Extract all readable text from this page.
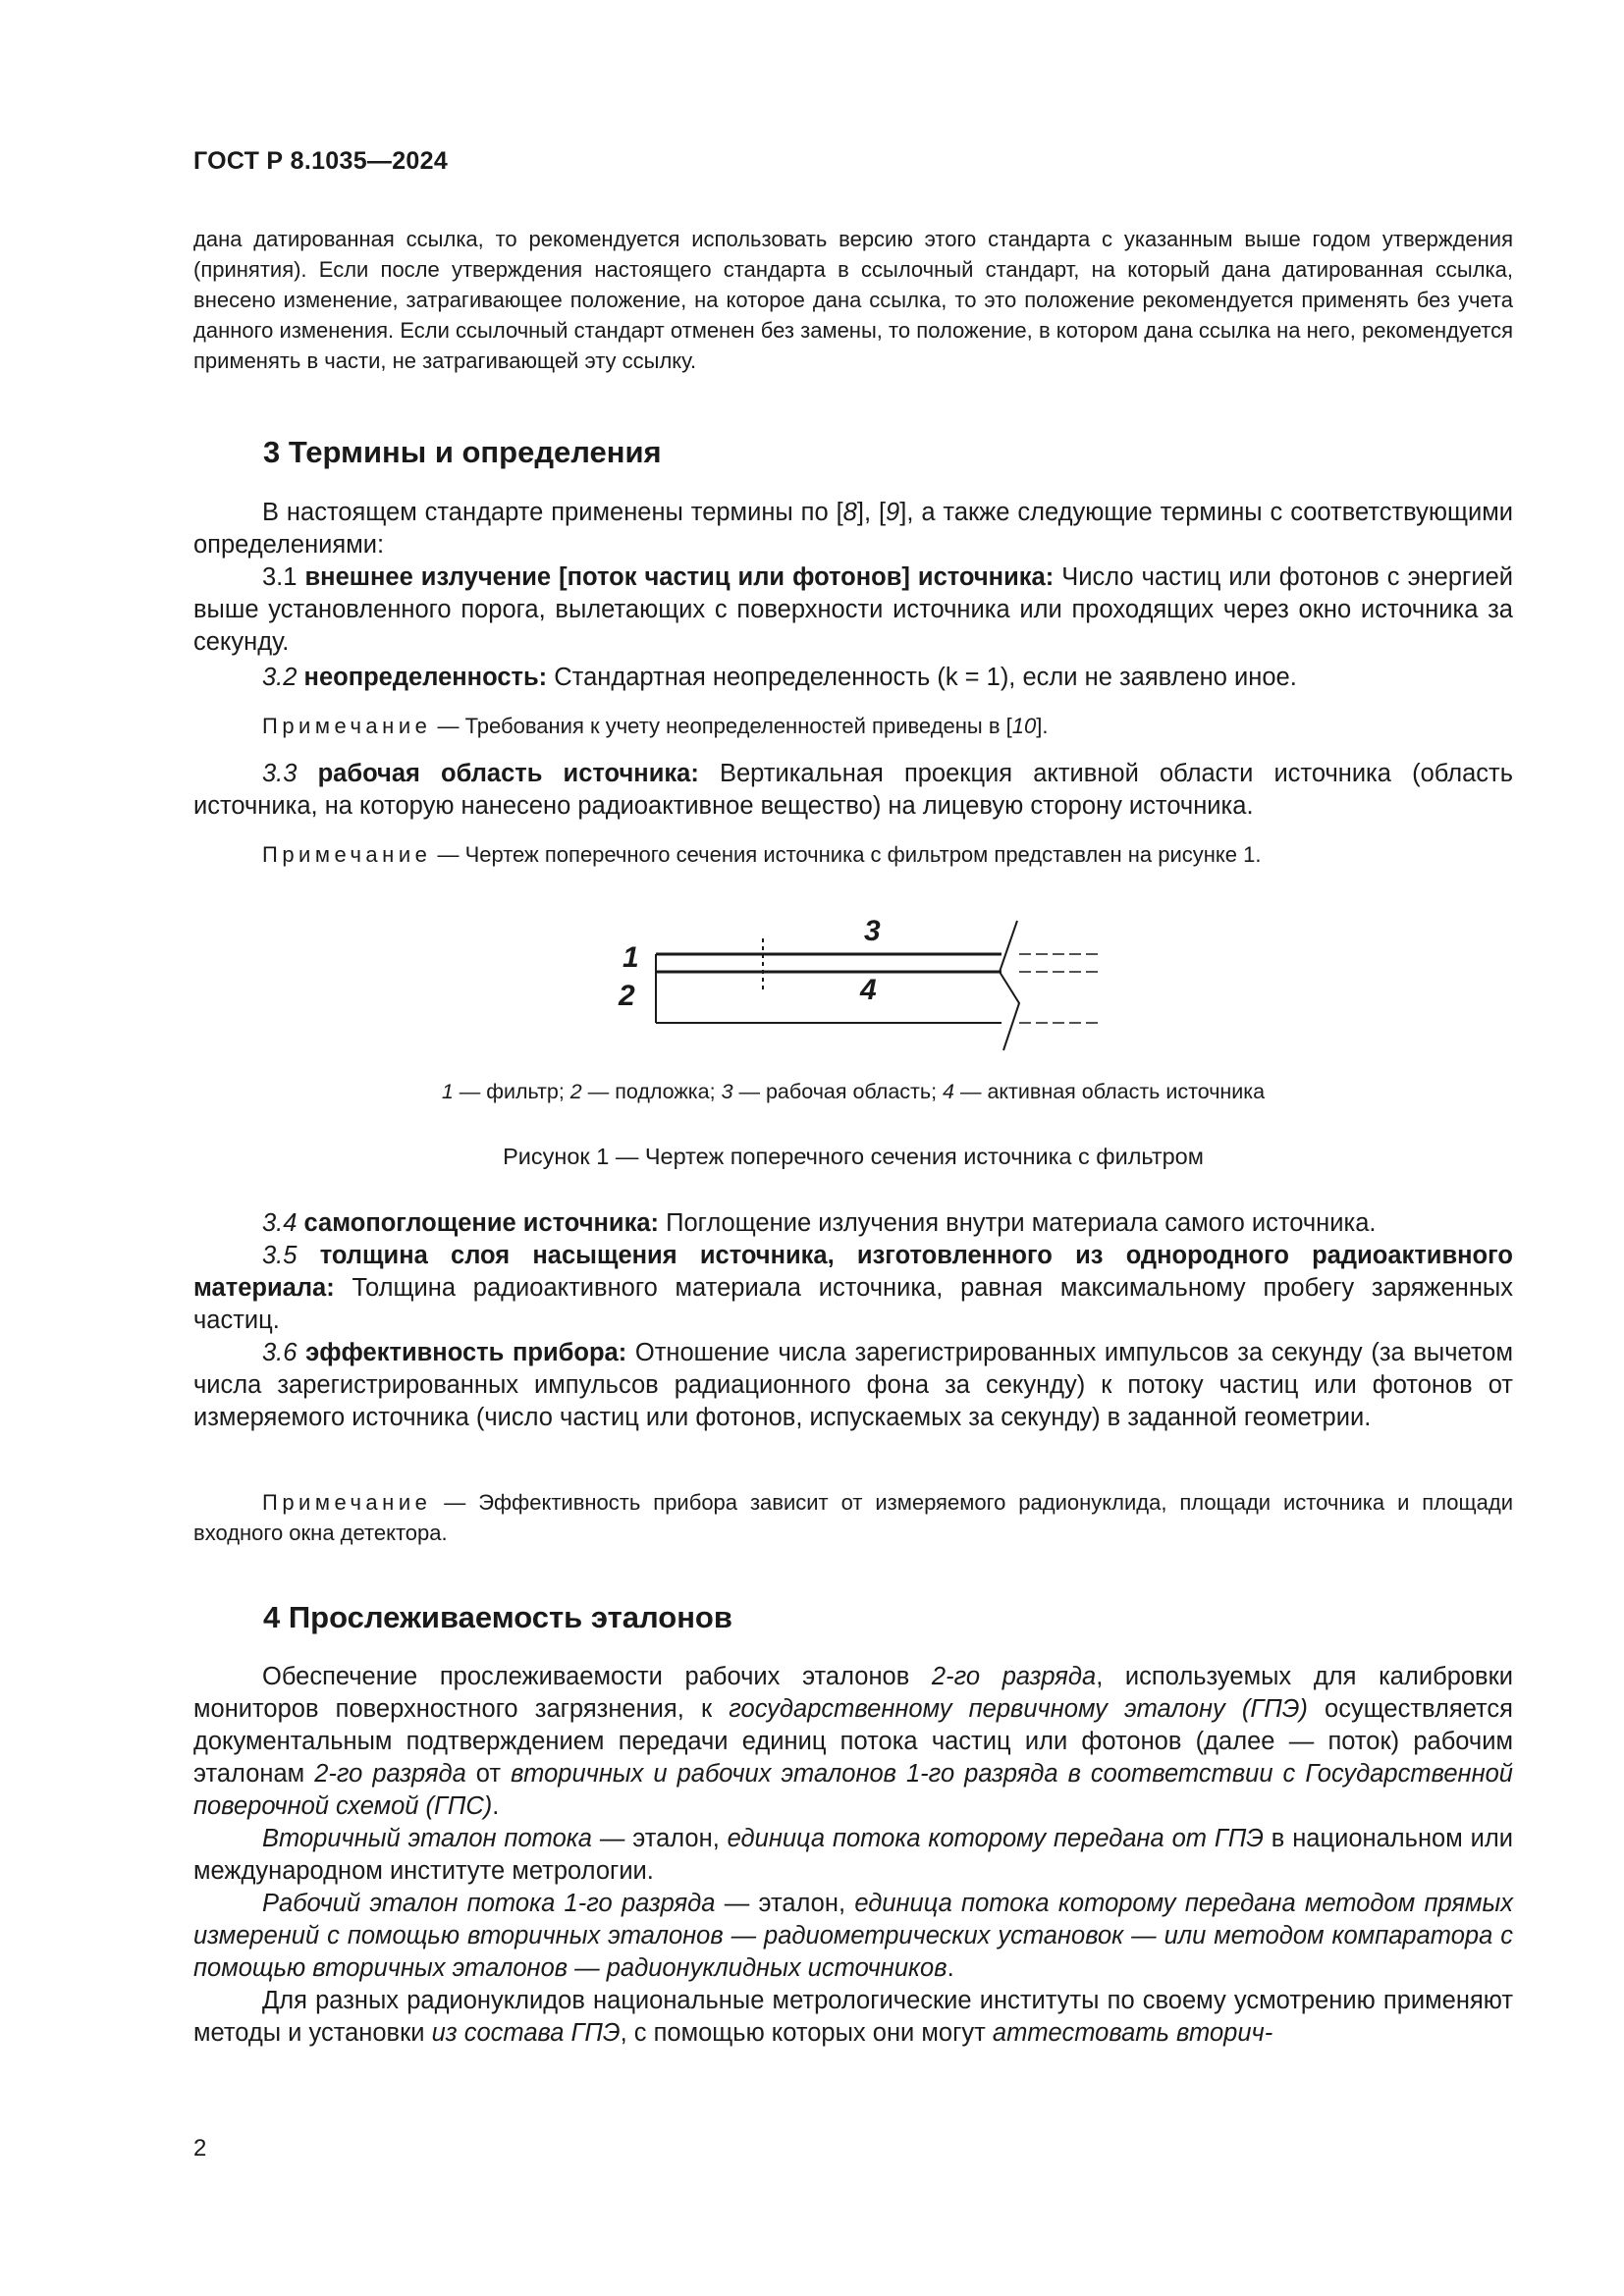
ГОСТ Р 8.1035—2024

дана датированная ссылка, то рекомендуется использовать версию этого стандарта с указанным выше годом утверждения (принятия). Если после утверждения настоящего стандарта в ссылочный стандарт, на который дана датированная ссылка, внесено изменение, затрагивающее положение, на которое дана ссылка, то это положение рекомендуется применять без учета данного изменения. Если ссылочный стандарт отменен без замены, то положение, в котором дана ссылка на него, рекомендуется применять в части, не затрагивающей эту ссылку.

3 Термины и определения

В настоящем стандарте применены термины по [8], [9], а также следующие термины с соответствующими определениями:

3.1 внешнее излучение [поток частиц или фотонов] источника: Число частиц или фотонов с энергией выше установленного порога, вылетающих с поверхности источника или проходящих через окно источника за секунду.

3.2 неопределенность: Стандартная неопределенность (k = 1), если не заявлено иное.

Примечание — Требования к учету неопределенностей приведены в [10].

3.3 рабочая область источника: Вертикальная проекция активной области источника (область источника, на которую нанесено радиоактивное вещество) на лицевую сторону источника.

Примечание — Чертеж поперечного сечения источника с фильтром представлен на рисунке 1.

1
2
3
4
1 — фильтр; 2 — подложка; 3 — рабочая область; 4 — активная область источника
Рисунок 1 — Чертеж поперечного сечения источника с фильтром

3.4 самопоглощение источника: Поглощение излучения внутри материала самого источника.

3.5 толщина слоя насыщения источника, изготовленного из однородного радиоактивного материала: Толщина радиоактивного материала источника, равная максимальному пробегу заряженных частиц.

3.6 эффективность прибора: Отношение числа зарегистрированных импульсов за секунду (за вычетом числа зарегистрированных импульсов радиационного фона за секунду) к потоку частиц или фотонов от измеряемого источника (число частиц или фотонов, испускаемых за секунду) в заданной геометрии.

Примечание — Эффективность прибора зависит от измеряемого радионуклида, площади источника и площади входного окна детектора.

4 Прослеживаемость эталонов

Обеспечение прослеживаемости рабочих эталонов 2-го разряда, используемых для калибровки мониторов поверхностного загрязнения, к государственному первичному эталону (ГПЭ) осуществляется документальным подтверждением передачи единиц потока частиц или фотонов (далее — поток) рабочим эталонам 2-го разряда от вторичных и рабочих эталонов 1-го разряда в соответствии с Государственной поверочной схемой (ГПС).

Вторичный эталон потока — эталон, единица потока которому передана от ГПЭ в национальном или международном институте метрологии.

Рабочий эталон потока 1-го разряда — эталон, единица потока которому передана методом прямых измерений с помощью вторичных эталонов — радиометрических установок — или методом компаратора с помощью вторичных эталонов — радионуклидных источников.

Для разных радионуклидов национальные метрологические институты по своему усмотрению применяют методы и установки из состава ГПЭ, с помощью которых они могут аттестовать вторич-

2
